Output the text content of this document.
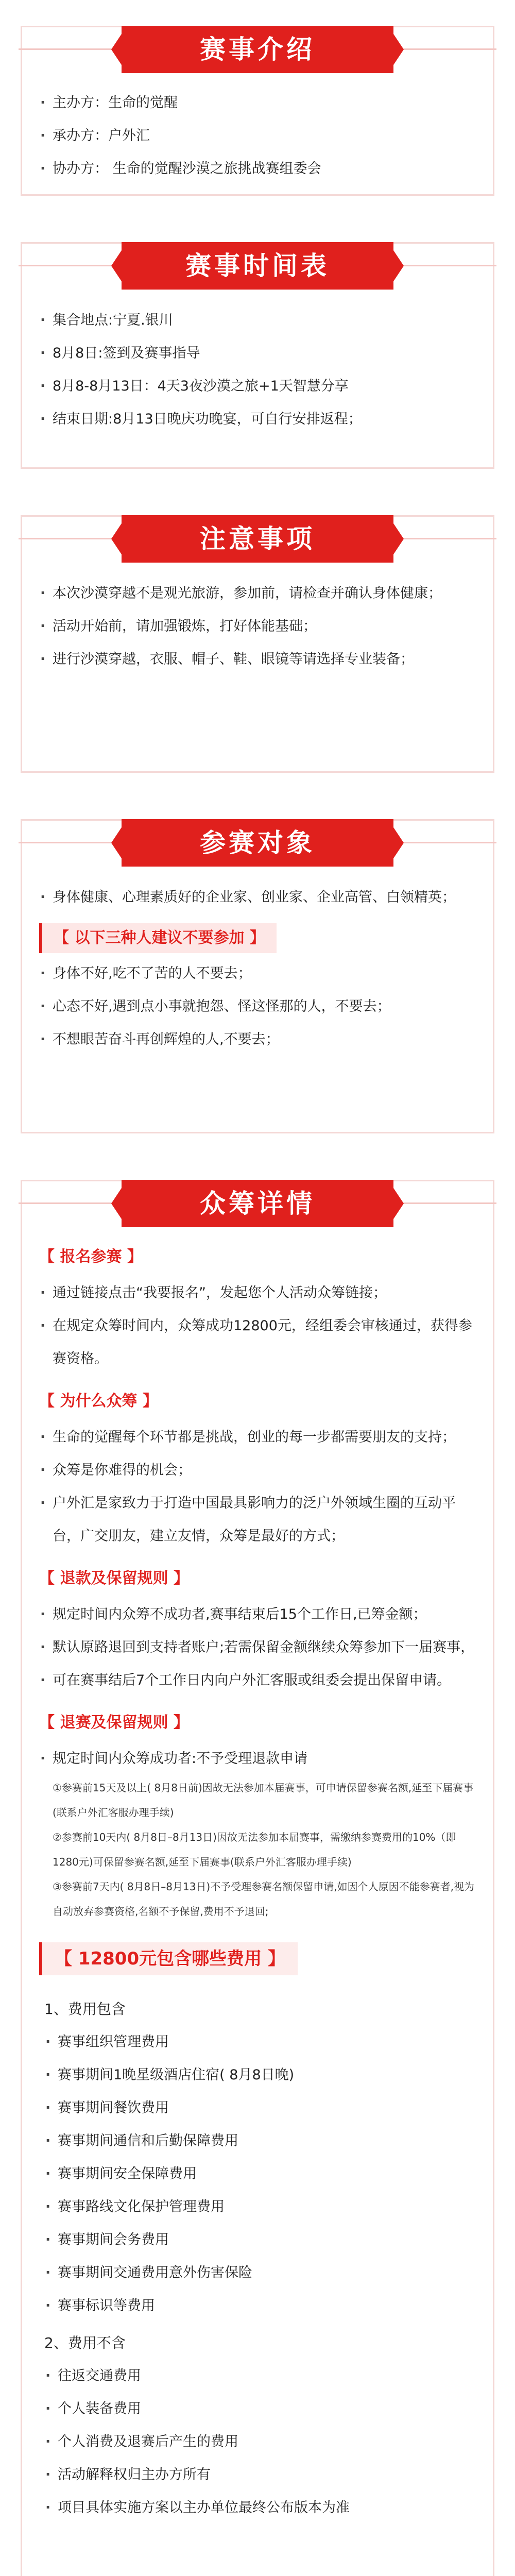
赛事介绍
· 主办方：生命的觉醒
· 承办方：户外汇
· 协办方： 生命的觉醒沙漠之旅挑战赛组委会
赛事时间表
· 集合地点:宁夏.银川
· 8月8日:签到及赛事指导
· 8月8-8月13日：4天3夜沙漠之旅+1天智慧分享
· 结束日期:8月13日晚庆功晚宴，可自行安排返程；
注意事项
· 本次沙漠穿越不是观光旅游，参加前，请检查并确认身体健康；
· 活动开始前，请加强锻炼，打好体能基础；
· 进行沙漠穿越，衣服、帽子、鞋、眼镜等请选择专业装备；
参赛对象
· 身体健康、心理素质好的企业家、创业家、企业高管、白领精英；
【 以下三种人建议不要参加 】
· 身体不好,吃不了苦的人不要去；
· 心态不好,遇到点小事就抱怨、怪这怪那的人，不要去；
· 不想眼苦奋斗再创辉煌的人,不要去；
众筹详情
【 报名参赛 】
· 通过链接点击“我要报名”，发起您个人活动众筹链接；
· 在规定众筹时间内，众筹成功12800元，经组委会审核通过，获得参赛资格。
【 为什么众筹 】
· 生命的觉醒每个环节都是挑战，创业的每一步都需要朋友的支持；
· 众筹是你难得的机会；
· 户外汇是家致力于打造中国最具影响力的泛户外领域生圈的互动平台，广交朋友，建立友情，众筹是最好的方式；
【 退款及保留规则 】
· 规定时间内众筹不成功者,赛事结束后15个工作日,已筹金额；
· 默认原路退回到支持者账户;若需保留金额继续众筹参加下一届赛事，
· 可在赛事结后7个工作日内向户外汇客服或组委会提出保留申请。
【 退赛及保留规则 】
· 规定时间内众筹成功者:不予受理退款申请
①参赛前15天及以上( 8月8日前)因故无法参加本届赛事，可申请保留参赛名额,延至下届赛事(联系户外汇客服办理手续)
②参赛前10天内( 8月8日–8月13日)因故无法参加本届赛事，需缴纳参赛费用的10%（即1280元)可保留参赛名额,延至下届赛事(联系户外汇客服办理手续)
③参赛前7天内( 8月8日–8月13日)不予受理参赛名额保留申请,如因个人原因不能参赛者,视为自动放弃参赛资格,名额不予保留,费用不予退回;
【 12800元包含哪些费用 】
1、费用包含
· 赛事组织管理费用
· 赛事期间1晚星级酒店住宿( 8月8日晚)
· 赛事期间餐饮费用
· 赛事期间通信和后勤保障费用
· 赛事期间安全保障费用
· 赛事路线文化保护管理费用
· 赛事期间会务费用
· 赛事期间交通费用意外伤害保险
· 赛事标识等费用
2、费用不含
· 往返交通费用
· 个人装备费用
· 个人消费及退赛后产生的费用
· 活动解释权归主办方所有
· 项目具体实施方案以主办单位最终公布版本为准
